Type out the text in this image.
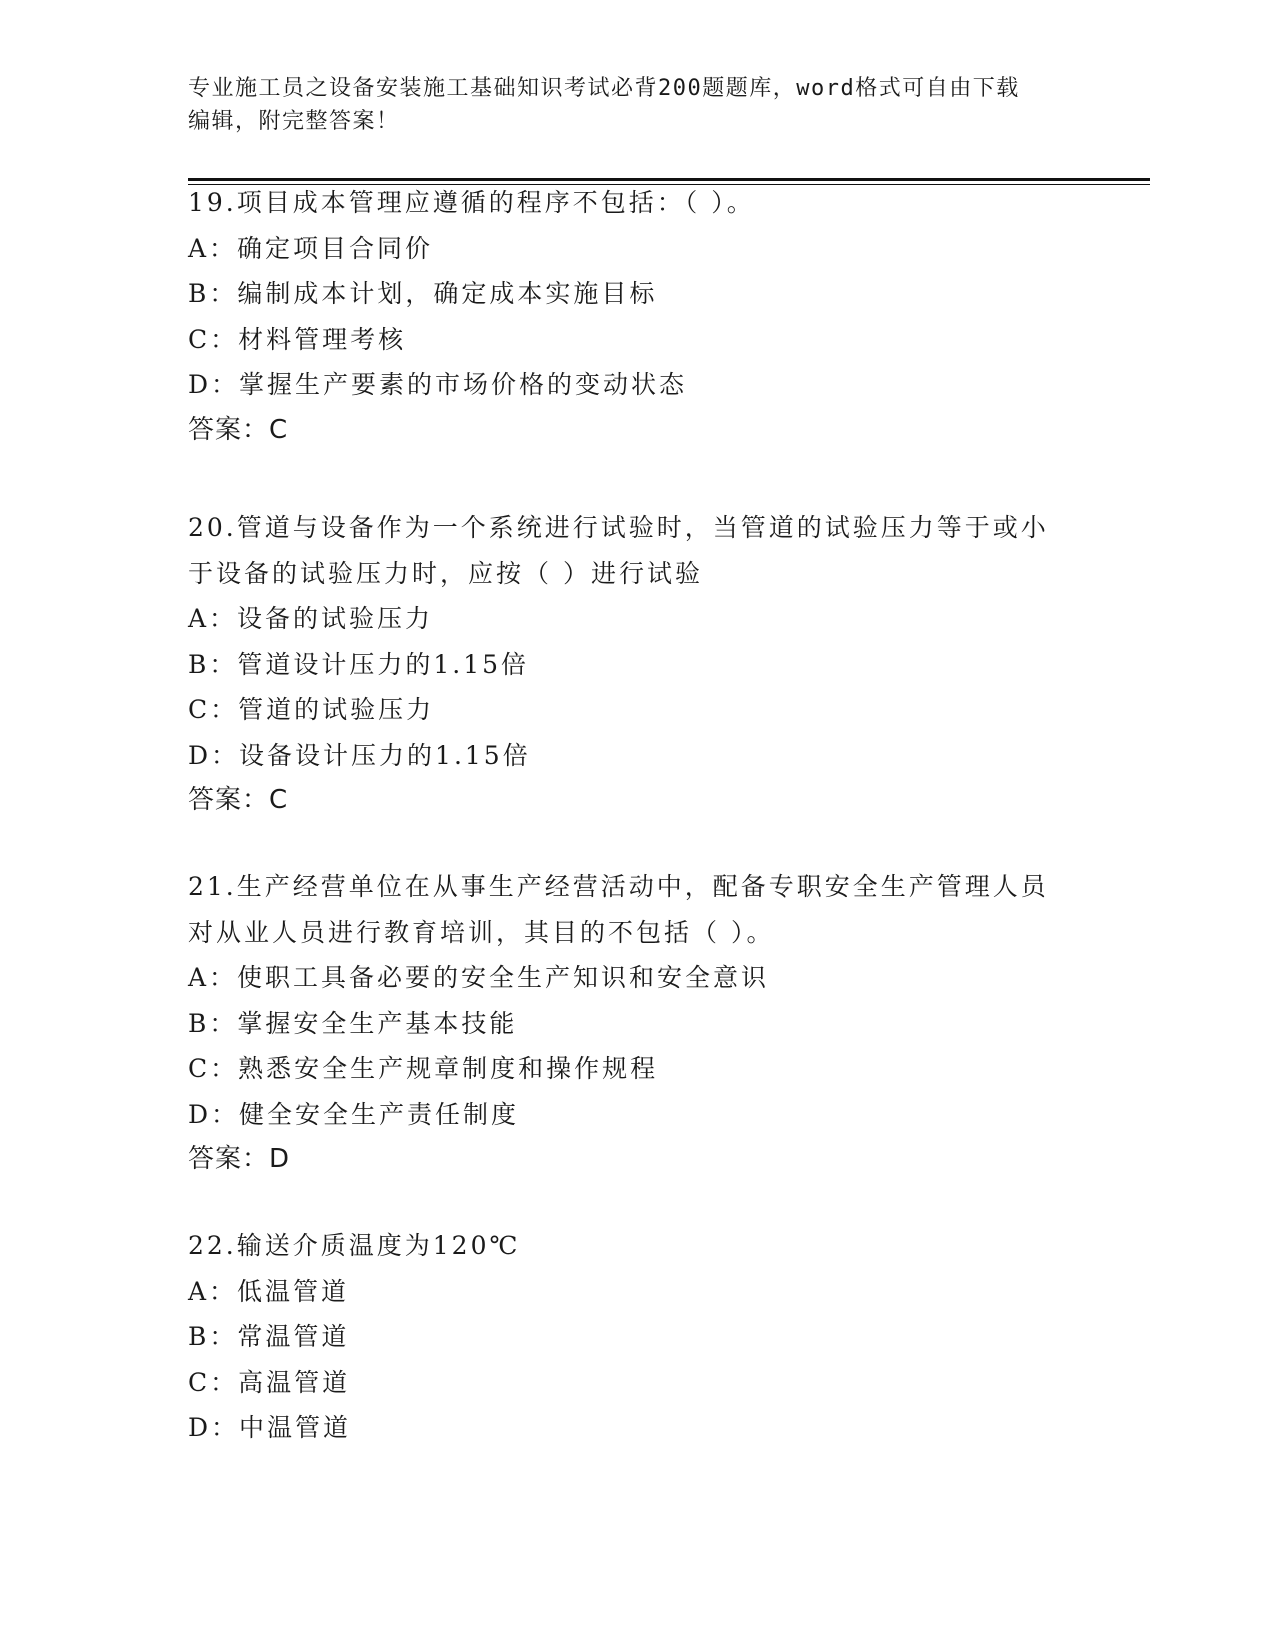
专业施工员之设备安装施工基础知识考试必背200题题库，word格式可自由下载
编辑，附完整答案！
19.项目成本管理应遵循的程序不包括：（ ）。
A：确定项目合同价
B：编制成本计划，确定成本实施目标
C：材料管理考核
D：掌握生产要素的市场价格的变动状态
答案：C
20.管道与设备作为一个系统进行试验时，当管道的试验压力等于或小
于设备的试验压力时，应按（ ）进行试验
A：设备的试验压力
B：管道设计压力的1.15倍
C：管道的试验压力
D：设备设计压力的1.15倍
答案：C
21.生产经营单位在从事生产经营活动中，配备专职安全生产管理人员
对从业人员进行教育培训，其目的不包括（ ）。
A：使职工具备必要的安全生产知识和安全意识
B：掌握安全生产基本技能
C：熟悉安全生产规章制度和操作规程
D：健全安全生产责任制度
答案：D
22.输送介质温度为120℃
A：低温管道
B：常温管道
C：高温管道
D：中温管道
